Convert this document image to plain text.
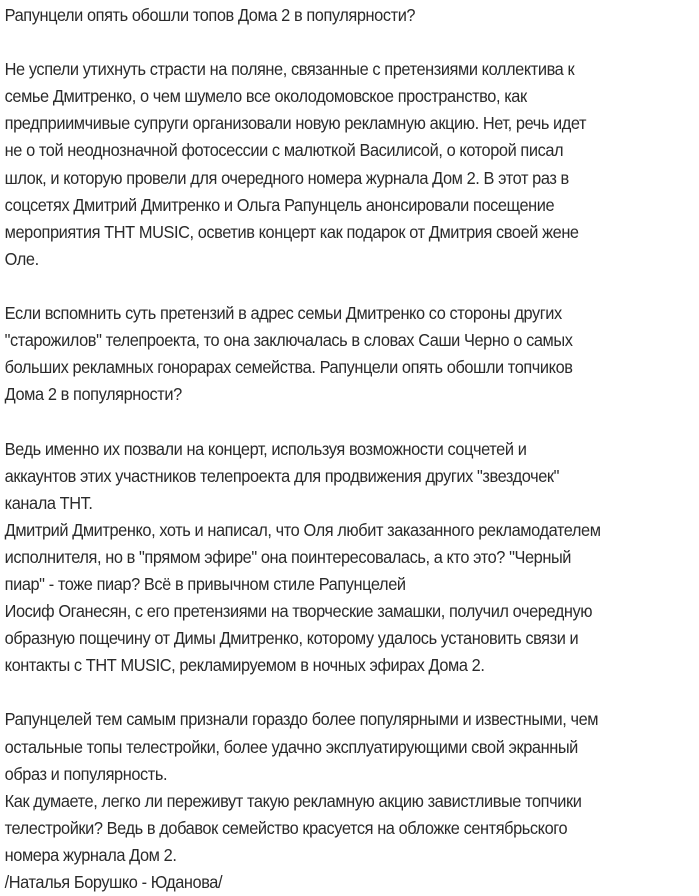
Рапунцели опять обошли топов Дома 2 в популярности?
Не успели утихнуть страсти на поляне, связанные с претензиями коллектива к
семье Дмитренко, о чем шумело все околодомовское пространство, как
предприимчивые супруги организовали новую рекламную акцию. Нет, речь идет
не о той неоднозначной фотосессии с малюткой Василисой, о которой писал
шлок, и которую провели для очередного номера журнала Дом 2. В этот раз в
соцсетях Дмитрий Дмитренко и Ольга Рапунцель анонсировали посещение
мероприятия ТНТ MUSIC, осветив концерт как подарок от Дмитрия своей жене
Оле.
Если вспомнить суть претензий в адрес семьи Дмитренко со стороны других
"старожилов" телепроекта, то она заключалась в словах Саши Черно о самых
больших рекламных гонорарах семейства. Рапунцели опять обошли топчиков
Дома 2 в популярности?
Ведь именно их позвали на концерт, используя возможности соцчетей и
аккаунтов этих участников телепроекта для продвижения других "звездочек"
канала ТНТ.
Дмитрий Дмитренко, хоть и написал, что Оля любит заказанного рекламодателем
исполнителя, но в "прямом эфире" она поинтересовалась, а кто это? "Черный
пиар" - тоже пиар? Всё в привычном стиле Рапунцелей
Иосиф Оганесян, с его претензиями на творческие замашки, получил очередную
образную пощечину от Димы Дмитренко, которому удалось установить связи и
контакты с ТНТ MUSIC, рекламируемом в ночных эфирах Дома 2.
Рапунцелей тем самым признали гораздо более популярными и известными, чем
остальные топы телестройки, более удачно эксплуатирующими свой экранный
образ и популярность.
Как думаете, легко ли переживут такую рекламную акцию завистливые топчики
телестройки? Ведь в добавок семейство красуется на обложке сентябрьского
номера журнала Дом 2.
/Наталья Борушко - Юданова/
